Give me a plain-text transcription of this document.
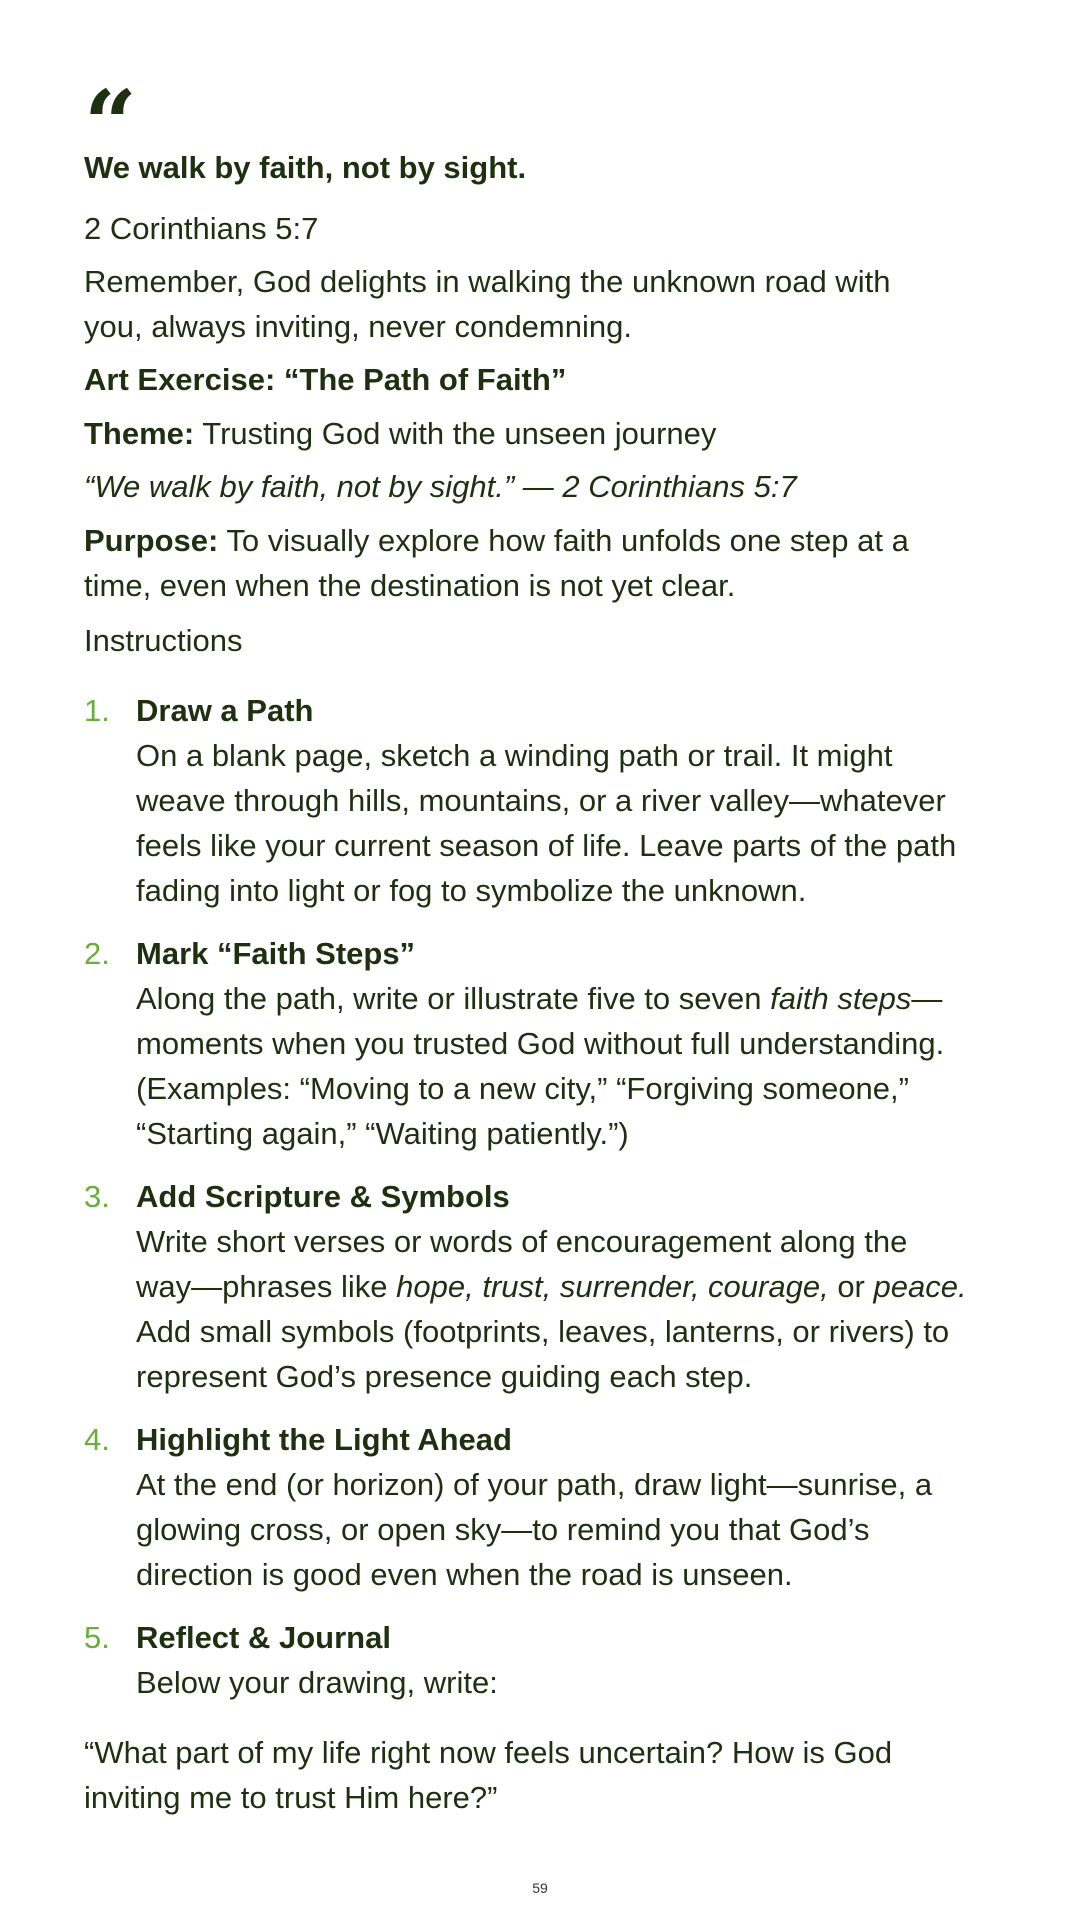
“
We walk by faith, not by sight.
2 Corinthians 5:7
Remember, God delights in walking the unknown road with
you, always inviting, never condemning.
Art Exercise: “The Path of Faith”
Theme: Trusting God with the unseen journey
“We walk by faith, not by sight.” — 2 Corinthians 5:7
Purpose: To visually explore how faith unfolds one step at a
time, even when the destination is not yet clear.
Instructions
1. Draw a Path
On a blank page, sketch a winding path or trail. It might
weave through hills, mountains, or a river valley—whatever
feels like your current season of life. Leave parts of the path
fading into light or fog to symbolize the unknown.
2. Mark “Faith Steps”
Along the path, write or illustrate five to seven faith steps—
moments when you trusted God without full understanding.
(Examples: “Moving to a new city,” “Forgiving someone,”
“Starting again,” “Waiting patiently.”)
3. Add Scripture & Symbols
Write short verses or words of encouragement along the
way—phrases like hope, trust, surrender, courage, or peace.
Add small symbols (footprints, leaves, lanterns, or rivers) to
represent God’s presence guiding each step.
4. Highlight the Light Ahead
At the end (or horizon) of your path, draw light—sunrise, a
glowing cross, or open sky—to remind you that God’s
direction is good even when the road is unseen.
5. Reflect & Journal
Below your drawing, write:
“What part of my life right now feels uncertain? How is God
inviting me to trust Him here?”
59
